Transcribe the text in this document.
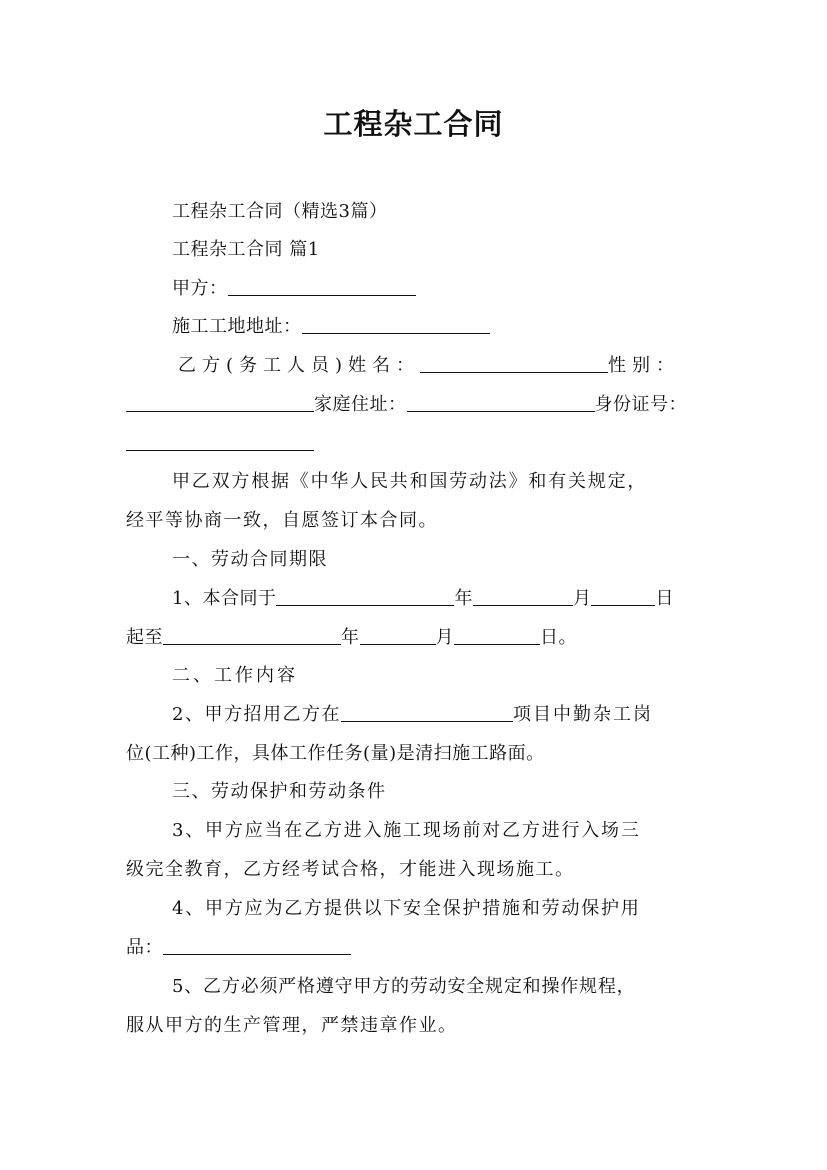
工程杂工合同
工程杂工合同（精选3篇）
工程杂工合同 篇1
甲方：
施工工地地址：
乙方(务工人员)姓名：	性别：
家庭住址：	身份证号：
甲乙双方根据《中华人民共和国劳动法》和有关规定，
经平等协商一致，自愿签订本合同。
一、劳动合同期限
1、本合同于	年	月	日
起至	年	月	日。
二、工作内容
2、甲方招用乙方在	项目中勤杂工岗
位(工种)工作，具体工作任务(量)是清扫施工路面。
三、劳动保护和劳动条件
3、甲方应当在乙方进入施工现场前对乙方进行入场三
级完全教育，乙方经考试合格，才能进入现场施工。
4、甲方应为乙方提供以下安全保护措施和劳动保护用
品：
5、乙方必须严格遵守甲方的劳动安全规定和操作规程，
服从甲方的生产管理，严禁违章作业。
